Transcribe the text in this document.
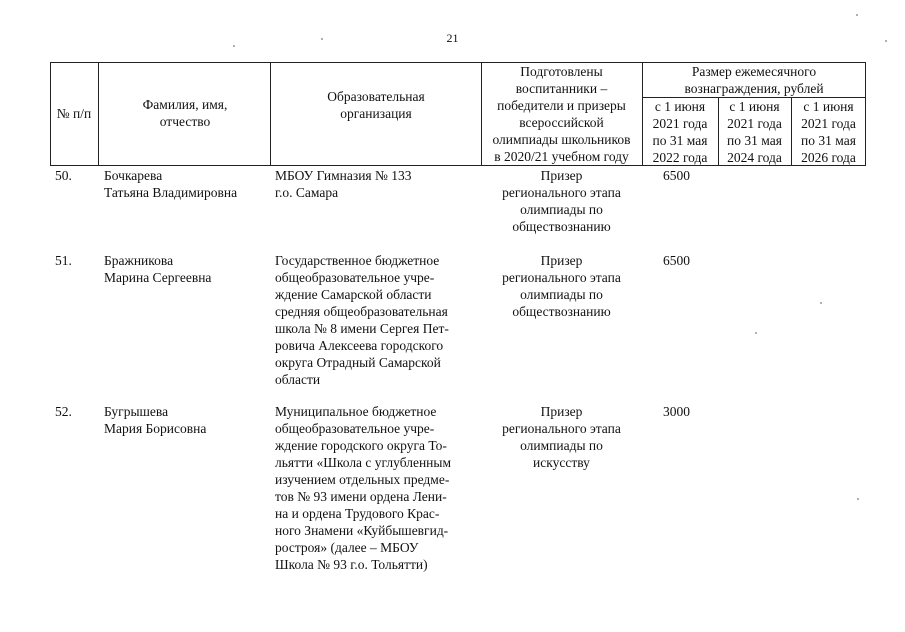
21
№ п/п
Фамилия, имя, отчество
Образовательная организация
Подготовлены
воспитанники –
победители и призеры
всероссийской
олимпиады школьников
в 2020/21 учебном году
Размер ежемесячного вознаграждения, рублей
с 1 июня
2021 года
по 31 мая
2022 года
с 1 июня
2021 года
по 31 мая
2024 года
с 1 июня
2021 года
по 31 мая
2026 года
50. Бочкарева
Татьяна Владимировна
МБОУ Гимназия № 133
г.о. Самара
Призер
регионального этапа
олимпиады по
обществознанию
6500
51. Бражникова
Марина Сергеевна
Государственное бюджетное
общеобразовательное учре-
ждение Самарской области
средняя общеобразовательная
школа № 8 имени Сергея Пет-
ровича Алексеева городского
округа Отрадный Самарской
области
Призер
регионального этапа
олимпиады по
обществознанию
6500
52. Бугрышева
Мария Борисовна
Муниципальное бюджетное
общеобразовательное учре-
ждение городского округа То-
льятти «Школа с углубленным
изучением отдельных предме-
тов № 93 имени ордена Лени-
на и ордена Трудового Крас-
ного Знамени «Куйбышевгид-
ростроя» (далее – МБОУ
Школа № 93 г.о. Тольятти)
Призер
регионального этапа
олимпиады по
искусству
3000
